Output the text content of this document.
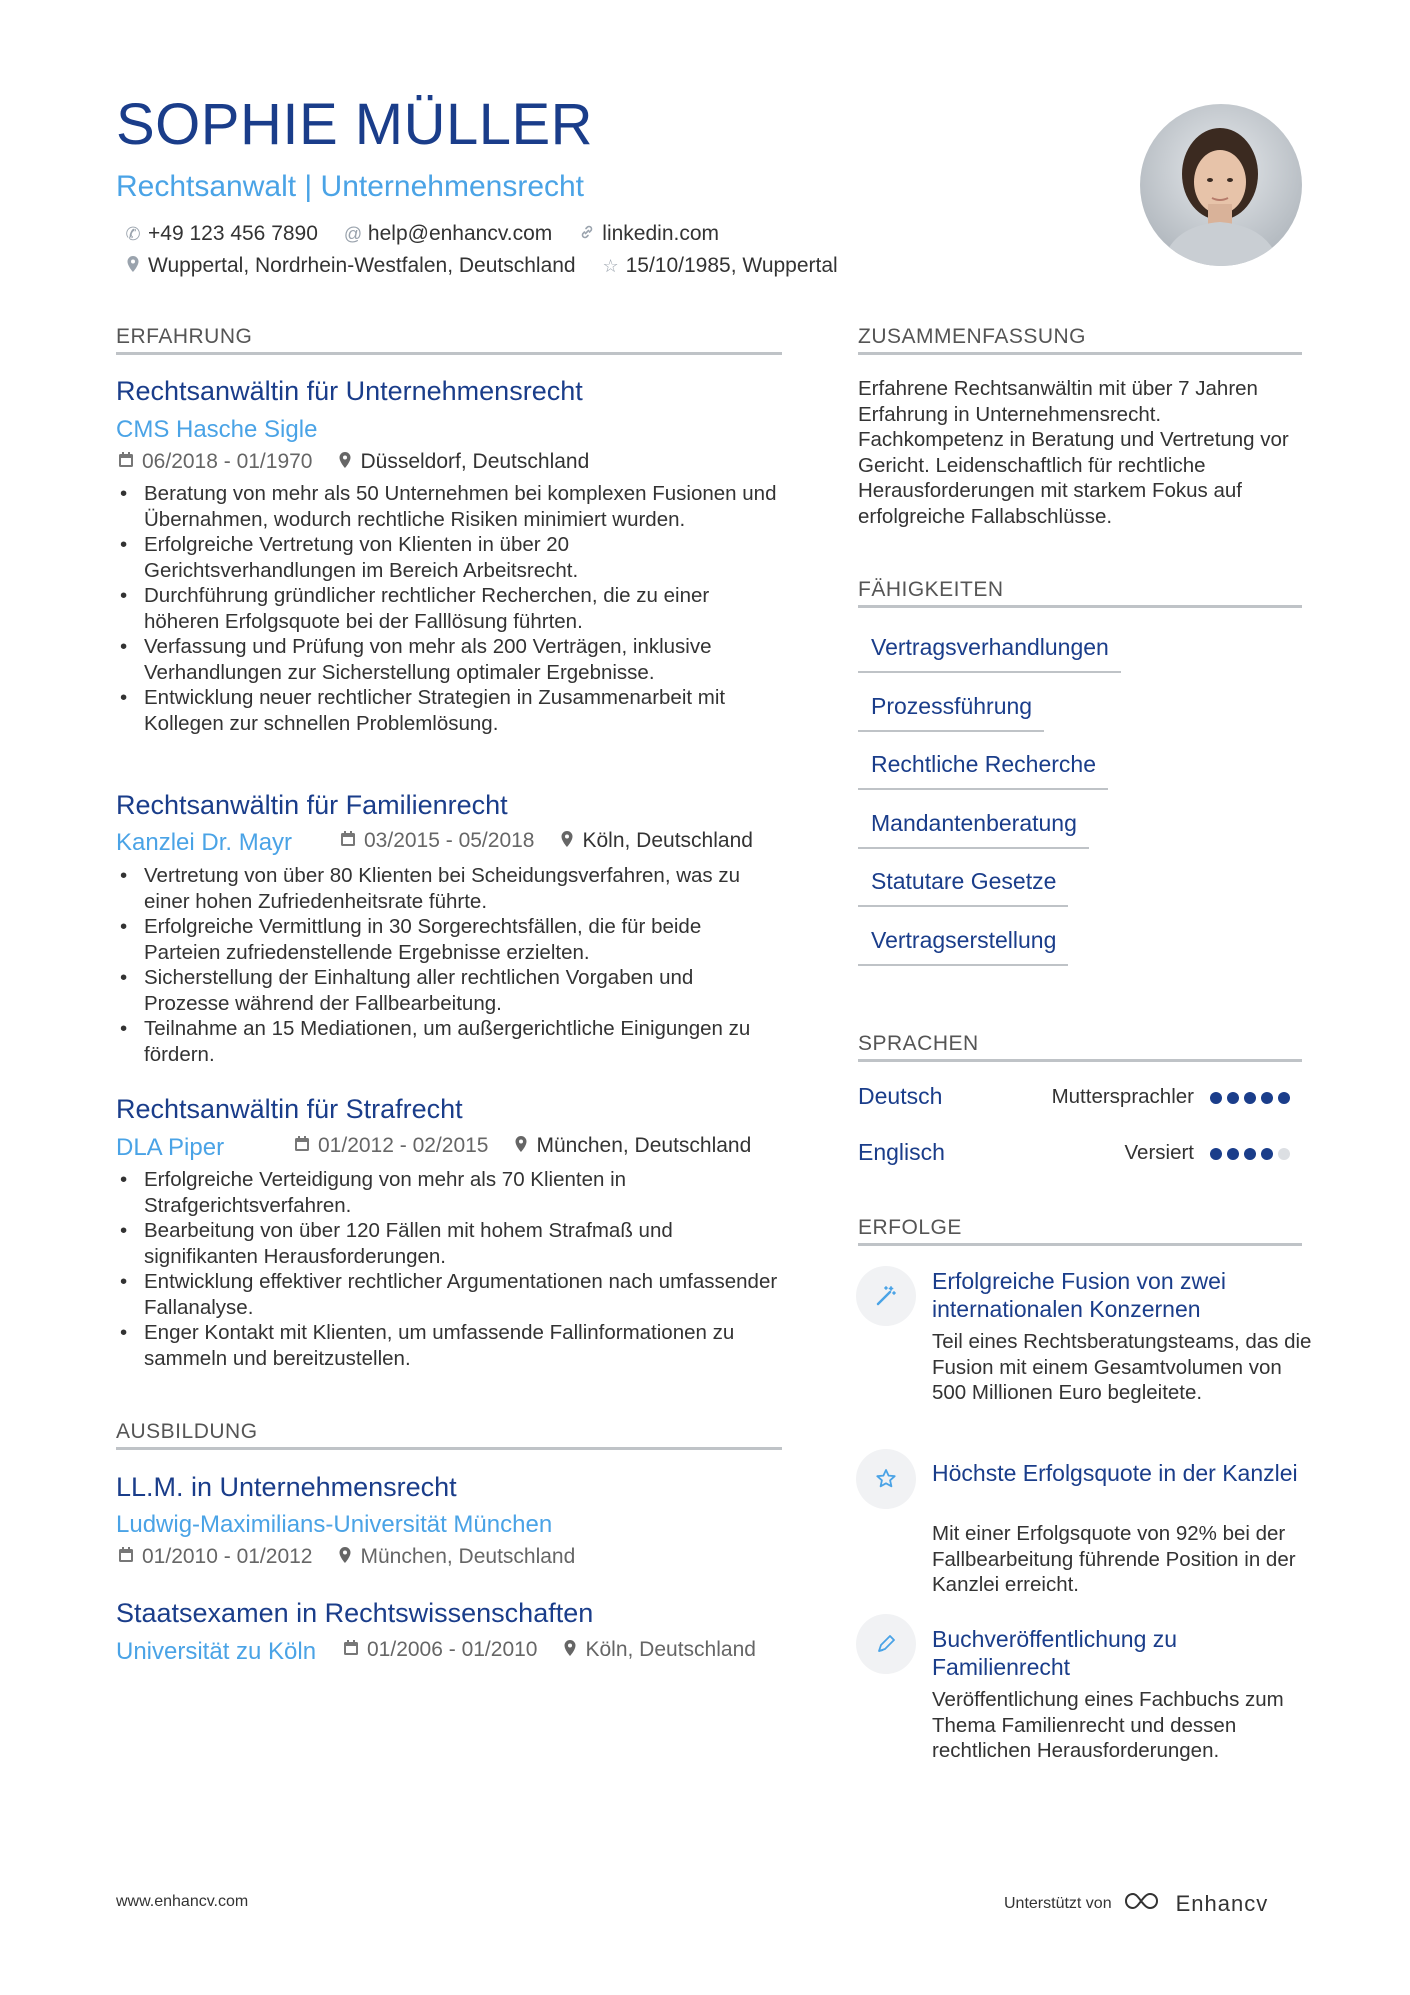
SOPHIE MÜLLER
Rechtsanwalt | Unternehmensrecht
✆ +49 123 456 7890 @ help@enhancv.com linkedin.com
Wuppertal, Nordrhein-Westfalen, Deutschland ☆ 15/10/1985, Wuppertal
ERFAHRUNG
Rechtsanwältin für Unternehmensrecht
CMS Hasche Sigle
06/2018 - 01/1970 Düsseldorf, Deutschland
• Beratung von mehr als 50 Unternehmen bei komplexen Fusionen und Übernahmen, wodurch rechtliche Risiken minimiert wurden.
• Erfolgreiche Vertretung von Klienten in über 20 Gerichtsverhandlungen im Bereich Arbeitsrecht.
• Durchführung gründlicher rechtlicher Recherchen, die zu einer höheren Erfolgsquote bei der Falllösung führten.
• Verfassung und Prüfung von mehr als 200 Verträgen, inklusive Verhandlungen zur Sicherstellung optimaler Ergebnisse.
• Entwicklung neuer rechtlicher Strategien in Zusammenarbeit mit Kollegen zur schnellen Problemlösung.
Rechtsanwältin für Familienrecht
Kanzlei Dr. Mayr	03/2015 - 05/2018 Köln, Deutschland
• Vertretung von über 80 Klienten bei Scheidungsverfahren, was zu einer hohen Zufriedenheitsrate führte.
• Erfolgreiche Vermittlung in 30 Sorgerechtsfällen, die für beide Parteien zufriedenstellende Ergebnisse erzielten.
• Sicherstellung der Einhaltung aller rechtlichen Vorgaben und Prozesse während der Fallbearbeitung.
• Teilnahme an 15 Mediationen, um außergerichtliche Einigungen zu fördern.
Rechtsanwältin für Strafrecht
DLA Piper	01/2012 - 02/2015 München, Deutschland
• Erfolgreiche Verteidigung von mehr als 70 Klienten in Strafgerichtsverfahren.
• Bearbeitung von über 120 Fällen mit hohem Strafmaß und signifikanten Herausforderungen.
• Entwicklung effektiver rechtlicher Argumentationen nach umfassender Fallanalyse.
• Enger Kontakt mit Klienten, um umfassende Fallinformationen zu sammeln und bereitzustellen.
AUSBILDUNG
LL.M. in Unternehmensrecht
Ludwig-Maximilians-Universität München
01/2010 - 01/2012 München, Deutschland
Staatsexamen in Rechtswissenschaften
Universität zu Köln 01/2006 - 01/2010 Köln, Deutschland
ZUSAMMENFASSUNG
Erfahrene Rechtsanwältin mit über 7 Jahren Erfahrung in Unternehmensrecht. Fachkompetenz in Beratung und Vertretung vor Gericht. Leidenschaftlich für rechtliche Herausforderungen mit starkem Fokus auf erfolgreiche Fallabschlüsse.
FÄHIGKEITEN
Vertragsverhandlungen
Prozessführung
Rechtliche Recherche
Mandantenberatung
Statutare Gesetze
Vertragserstellung
SPRACHEN
Deutsch	Muttersprachler
Englisch	Versiert
ERFOLGE
Erfolgreiche Fusion von zwei internationalen Konzernen
Teil eines Rechtsberatungsteams, das die Fusion mit einem Gesamtvolumen von 500 Millionen Euro begleitete.
Höchste Erfolgsquote in der Kanzlei
Mit einer Erfolgsquote von 92% bei der Fallbearbeitung führende Position in der Kanzlei erreicht.
Buchveröffentlichung zu Familienrecht
Veröffentlichung eines Fachbuchs zum Thema Familienrecht und dessen rechtlichen Herausforderungen.
www.enhancv.com	Unterstützt von	Enhancv
